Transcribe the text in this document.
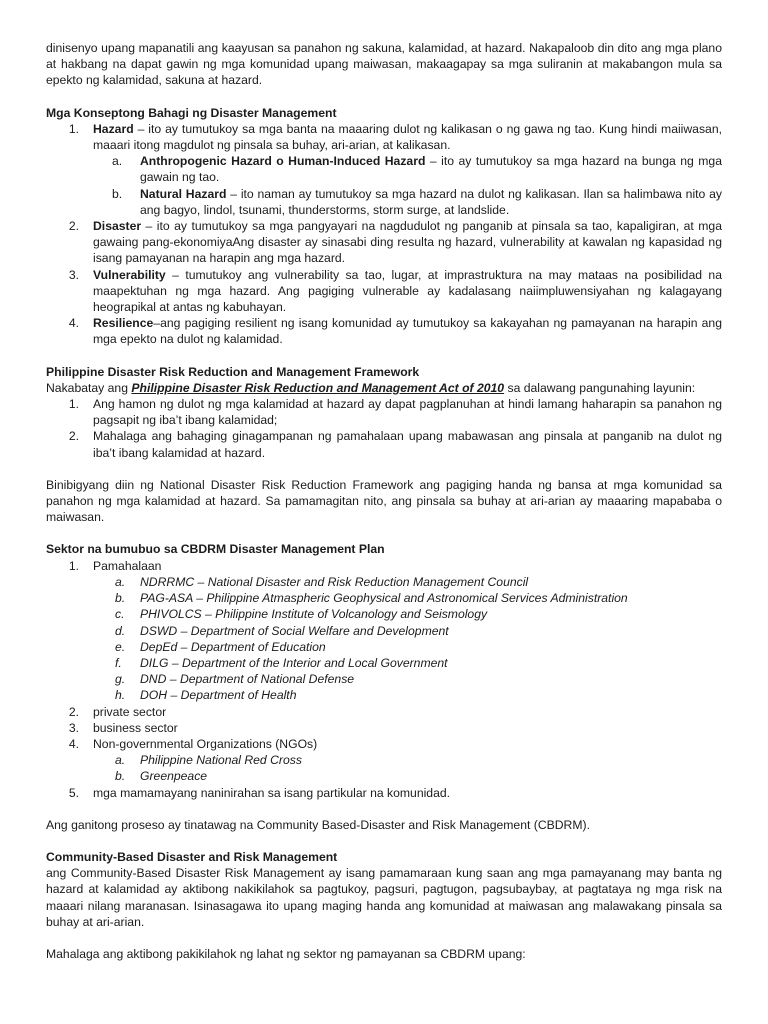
dinisenyo upang mapanatili ang kaayusan sa panahon ng sakuna, kalamidad, at hazard. Nakapaloob din dito ang mga plano at hakbang na dapat gawin ng mga komunidad upang maiwasan, makaagapay sa mga suliranin at makabangon mula sa epekto ng kalamidad, sakuna at hazard.

Mga Konseptong Bahagi ng Disaster Management
1.	Hazard – ito ay tumutukoy sa mga banta na maaaring dulot ng kalikasan o ng gawa ng tao. Kung hindi maiiwasan, maaari itong magdulot ng pinsala sa buhay, ari-arian, at kalikasan.
a.	Anthropogenic Hazard o Human-Induced Hazard – ito ay tumutukoy sa mga hazard na bunga ng mga gawain ng tao.
b.	Natural Hazard – ito naman ay tumutukoy sa mga hazard na dulot ng kalikasan. Ilan sa halimbawa nito ay ang bagyo, lindol, tsunami, thunderstorms, storm surge, at landslide.
2.	Disaster – ito ay tumutukoy sa mga pangyayari na nagdudulot ng panganib at pinsala sa tao, kapaligiran, at mga gawaing pang-ekonomiyaAng disaster ay sinasabi ding resulta ng hazard, vulnerability at kawalan ng kapasidad ng isang pamayanan na harapin ang mga hazard.
3.	Vulnerability – tumutukoy ang vulnerability sa tao, lugar, at imprastruktura na may mataas na posibilidad na maapektuhan ng mga hazard. Ang pagiging vulnerable ay kadalasang naiimpluwensiyahan ng kalagayang heograpikal at antas ng kabuhayan.
4.	Resilience–ang pagiging resilient ng isang komunidad ay tumutukoy sa kakayahan ng pamayanan na harapin ang mga epekto na dulot ng kalamidad.
Philippine Disaster Risk Reduction and Management Framework

Nakabatay ang Philippine Disaster Risk Reduction and Management Act of 2010 sa dalawang pangunahing layunin:

1.	Ang hamon ng dulot ng mga kalamidad at hazard ay dapat pagplanuhan at hindi lamang haharapin sa panahon ng pagsapit ng iba’t ibang kalamidad;
2.	Mahalaga ang bahaging ginagampanan ng pamahalaan upang mabawasan ang pinsala at panganib na dulot ng iba’t ibang kalamidad at hazard.

Binibigyang diin ng National Disaster Risk Reduction Framework ang pagiging handa ng bansa at mga komunidad sa panahon ng mga kalamidad at hazard. Sa pamamagitan nito, ang pinsala sa buhay at ari-arian ay maaaring mapababa o maiwasan.

Sektor na bumubuo sa CBDRM Disaster Management Plan
1.	Pamahalaan
a.	NDRRMC – National Disaster and Risk Reduction Management Council
b.	PAG-ASA – Philippine Atmaspheric Geophysical and Astronomical Services Administration
c.	PHIVOLCS – Philippine Institute of Volcanology and Seismology
d.	DSWD – Department of Social Welfare and Development
e.	DepEd – Department of Education
f.	DILG – Department of the Interior and Local Government
g.	DND – Department of National Defense
h.	DOH – Department of Health
2.	private sector
3.	business sector
4.	Non-governmental Organizations (NGOs)
a.	Philippine National Red Cross
b.	Greenpeace
5.	mga mamamayang naninirahan sa isang partikular na komunidad.

Ang ganitong proseso ay tinatawag na Community Based-Disaster and Risk Management (CBDRM).

Community-Based Disaster and Risk Management

ang Community-Based Disaster Risk Management ay isang pamamaraan kung saan ang mga pamayanang may banta ng hazard at kalamidad ay aktibong nakikilahok sa pagtukoy, pagsuri, pagtugon, pagsubaybay, at pagtataya ng mga risk na maaari nilang maranasan. Isinasagawa ito upang maging handa ang komunidad at maiwasan ang malawakang pinsala sa buhay at ari-arian.

Mahalaga ang aktibong pakikilahok ng lahat ng sektor ng pamayanan sa CBDRM upang:
